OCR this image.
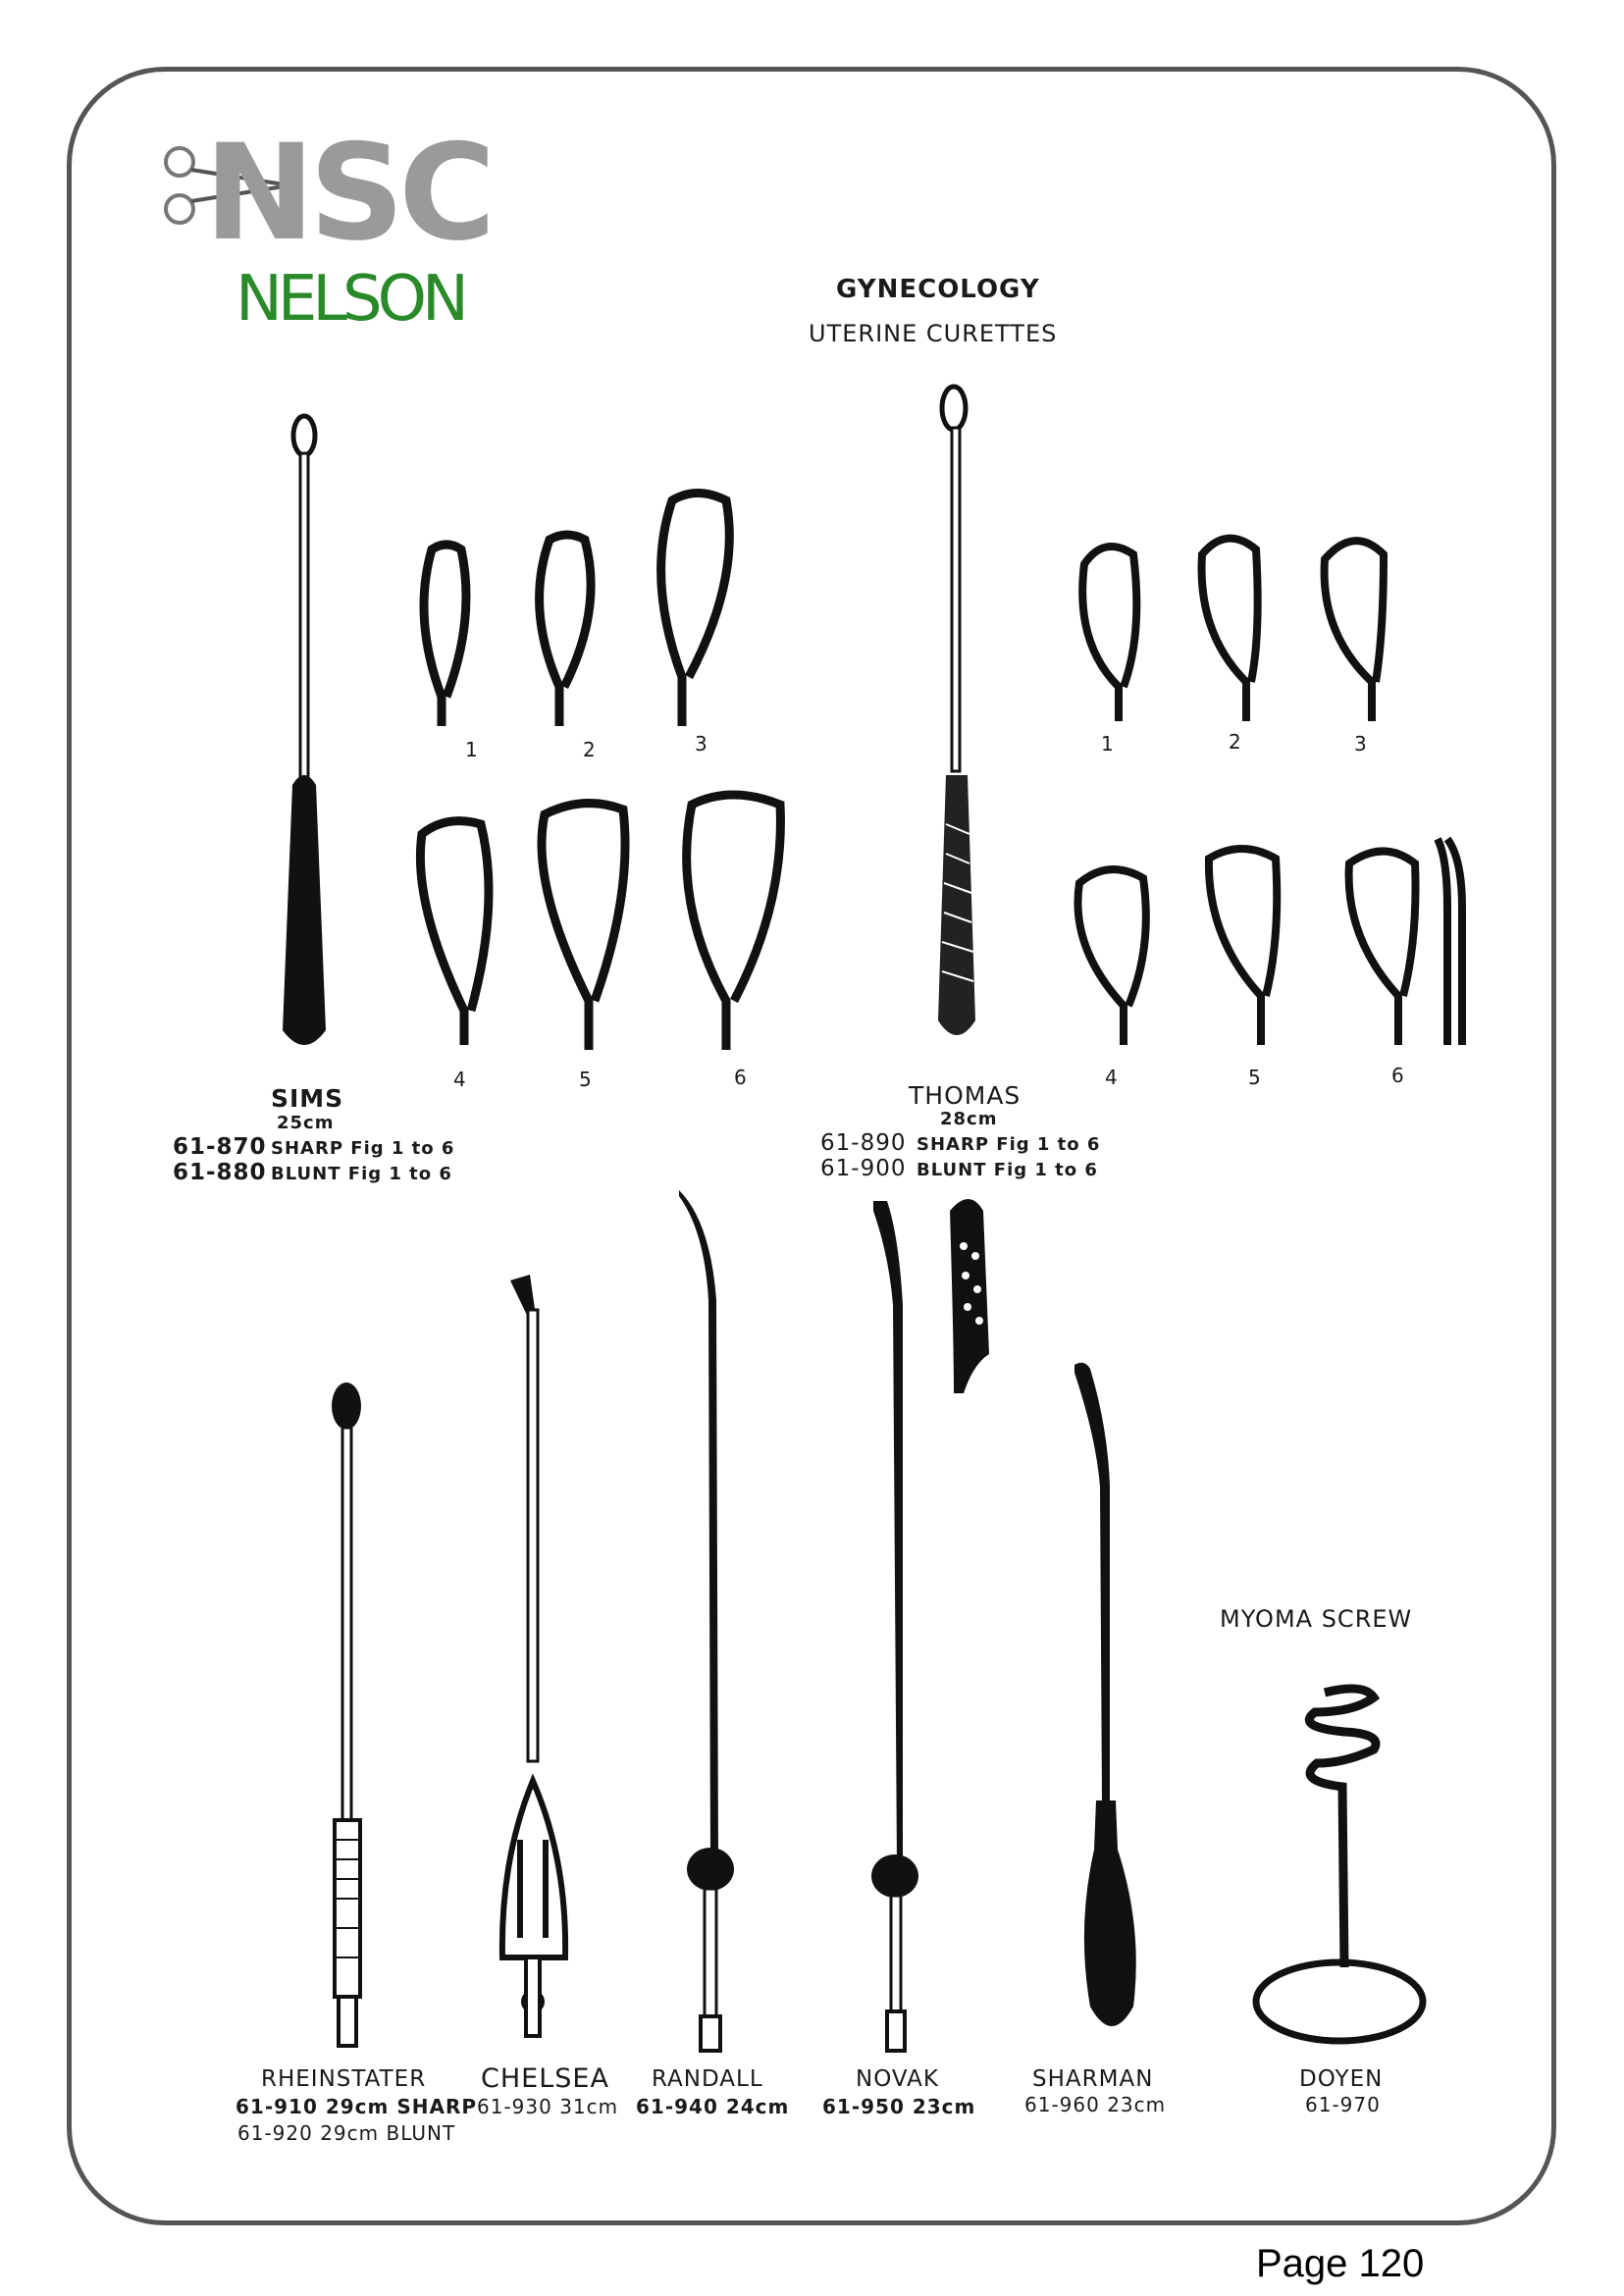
NSC
NELSON	GYNECOLOGY
UTERINE CURETTES
1	2	3
4	5	6
SIMS
25cm
61-870 SHARP Fig 1 to 6
61-880 BLUNT Fig 1 to 6
1	2	3
4	5	6
THOMAS
28cm
61-890 SHARP Fig 1 to 6
61-900 BLUNT Fig 1 to 6
MYOMA SCREW
RHEINSTATER
61-910 29cm SHARP
61-920 29cm BLUNT
CHELSEA
61-930 31cm
RANDALL
61-940 24cm
NOVAK
61-950 23cm
SHARMAN
61-960 23cm
DOYEN
61-970
Page 120
